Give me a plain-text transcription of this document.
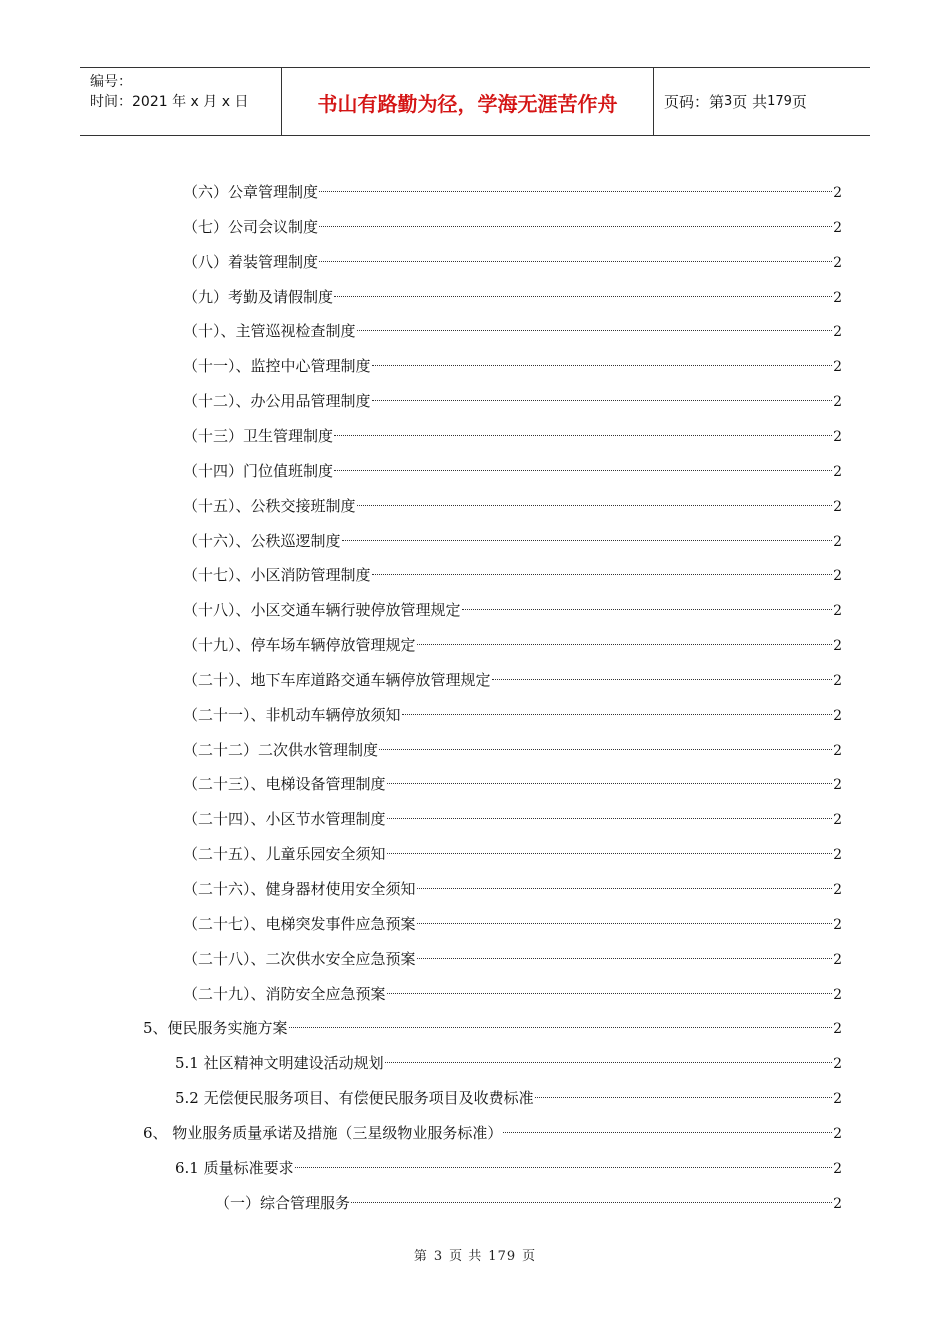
编号：
时间：2021 年 x 月 x 日	书山有路勤为径，学海无涯苦作舟	页码：第 3 页 共 179 页
（六）公章管理制度	2
（七）公司会议制度	2
（八）着装管理制度	2
（九）考勤及请假制度	2
（十）、主管巡视检查制度	2
（十一）、监控中心管理制度	2
（十二）、办公用品管理制度	2
（十三）卫生管理制度	2
（十四）门位值班制度	2
（十五）、公秩交接班制度	2
（十六）、公秩巡逻制度	2
（十七）、小区消防管理制度	2
（十八）、小区交通车辆行驶停放管理规定	2
（十九）、停车场车辆停放管理规定	2
（二十）、地下车库道路交通车辆停放管理规定	2
（二十一）、非机动车辆停放须知	2
（二十二）二次供水管理制度	2
（二十三）、电梯设备管理制度	2
（二十四）、小区节水管理制度	2
（二十五）、儿童乐园安全须知	2
（二十六）、健身器材使用安全须知	2
（二十七）、电梯突发事件应急预案	2
（二十八）、二次供水安全应急预案	2
（二十九）、消防安全应急预案	2
5、便民服务实施方案	2
5.1 社区精神文明建设活动规划	2
5.2 无偿便民服务项目、有偿便民服务项目及收费标准	2
6、 物业服务质量承诺及措施（三星级物业服务标准）	2
6.1 质量标准要求	2
（一）综合管理服务	2
第 3 页 共 179 页
